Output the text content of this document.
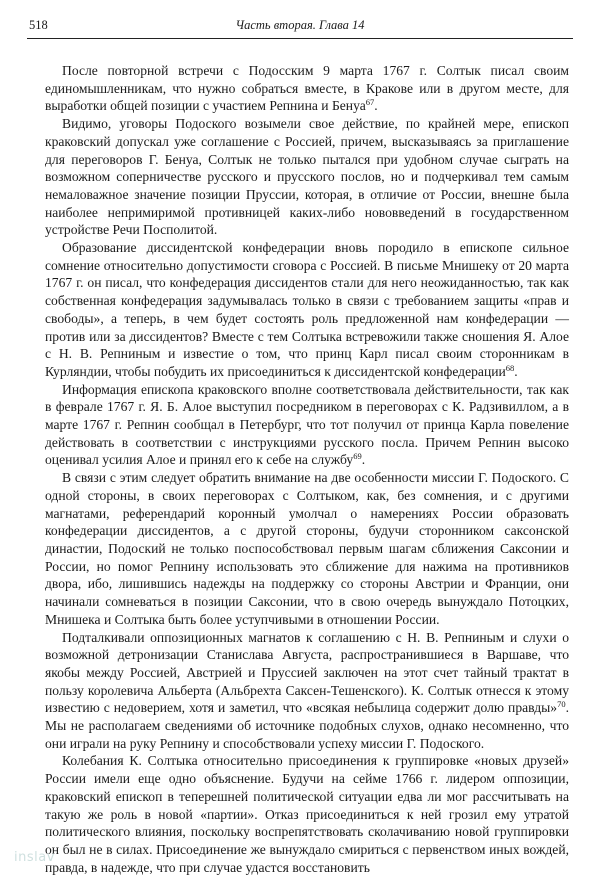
518	Часть вторая. Глава 14

После повторной встречи с Подосским 9 марта 1767 г. Солтык писал своим единомышленникам, что нужно собраться вместе, в Кракове или в другом месте, для выработки общей позиции с участием Репнина и Бенуа$^{67}$.

Видимо, уговоры Подоского возымели свое действие, по крайней мере, епископ краковский допускал уже соглашение с Россией, причем, высказываясь за приглашение для переговоров Г. Бенуа, Солтык не только пытался при удобном случае сыграть на возможном соперничестве русского и прусского послов, но и подчеркивал тем самым немаловажное значение позиции Пруссии, которая, в отличие от России, внешне была наиболее непримиримой противницей каких-либо нововведений в государственном устройстве Речи Посполитой.

Образование диссидентской конфедерации вновь породило в епископе сильное сомнение относительно допустимости сговора с Россией. В письме Мнишеку от 20 марта 1767 г. он писал, что конфедерация диссидентов стали для него неожиданностью, так как собственная конфедерация задумывалась только в связи с требованием защиты «прав и свободы», а теперь, в чем будет состоять роль предложенной нам конфедерации — против или за диссидентов? Вместе с тем Солтыка встревожили также сношения Я. Алое с Н. В. Репниным и известие о том, что принц Карл писал своим сторонникам в Курляндии, чтобы побудить их присоединиться к диссидентской конфедерации$^{68}$.

Информация епископа краковского вполне соответствовала действительности, так как в феврале 1767 г. Я. Б. Алое выступил посредником в переговорах с К. Радзивиллом, а в марте 1767 г. Репнин сообщал в Петербург, что тот получил от принца Карла повеление действовать в соответствии с инструкциями русского посла. Причем Репнин высоко оценивал усилия Алое и принял его к себе на службу$^{69}$.

В связи с этим следует обратить внимание на две особенности миссии Г. Подоского. С одной стороны, в своих переговорах с Солтыком, как, без сомнения, и с другими магнатами, референдарий коронный умолчал о намерениях России образовать конфедерации диссидентов, а с другой стороны, будучи сторонником саксонской династии, Подоский не только поспособствовал первым шагам сближения Саксонии и России, но помог Репнину использовать это сближение для нажима на противников двора, ибо, лишившись надежды на поддержку со стороны Австрии и Франции, они начинали сомневаться в позиции Саксонии, что в свою очередь вынуждало Потоцких, Мнишека и Солтыка быть более уступчивыми в отношении России.

Подталкивали оппозиционных магнатов к соглашению с Н. В. Репниным и слухи о возможной детронизации Станислава Августа, распространившиеся в Варшаве, что якобы между Россией, Австрией и Пруссией заключен на этот счет тайный трактат в пользу королевича Альберта (Альбрехта Саксен-Тешенского). К. Солтык отнесся к этому известию с недоверием, хотя и заметил, что «всякая небылица содержит долю правды»$^{70}$. Мы не располагаем сведениями об источнике подобных слухов, однако несомненно, что они играли на руку Репнину и способствовали успеху миссии Г. Подоского.

Колебания К. Солтыка относительно присоединения к группировке «новых друзей» России имели еще одно объяснение. Будучи на сейме 1766 г. лидером оппозиции, краковский епископ в теперешней политической ситуации едва ли мог рассчитывать на такую же роль в новой «партии». Отказ присоединиться к ней грозил ему утратой политического влияния, поскольку воспрепятствовать сколачиванию новой группировки он был не в силах. Присоединение же вынуждало смириться с первенством иных вождей, правда, в надежде, что при случае удастся восстановить

inslav
